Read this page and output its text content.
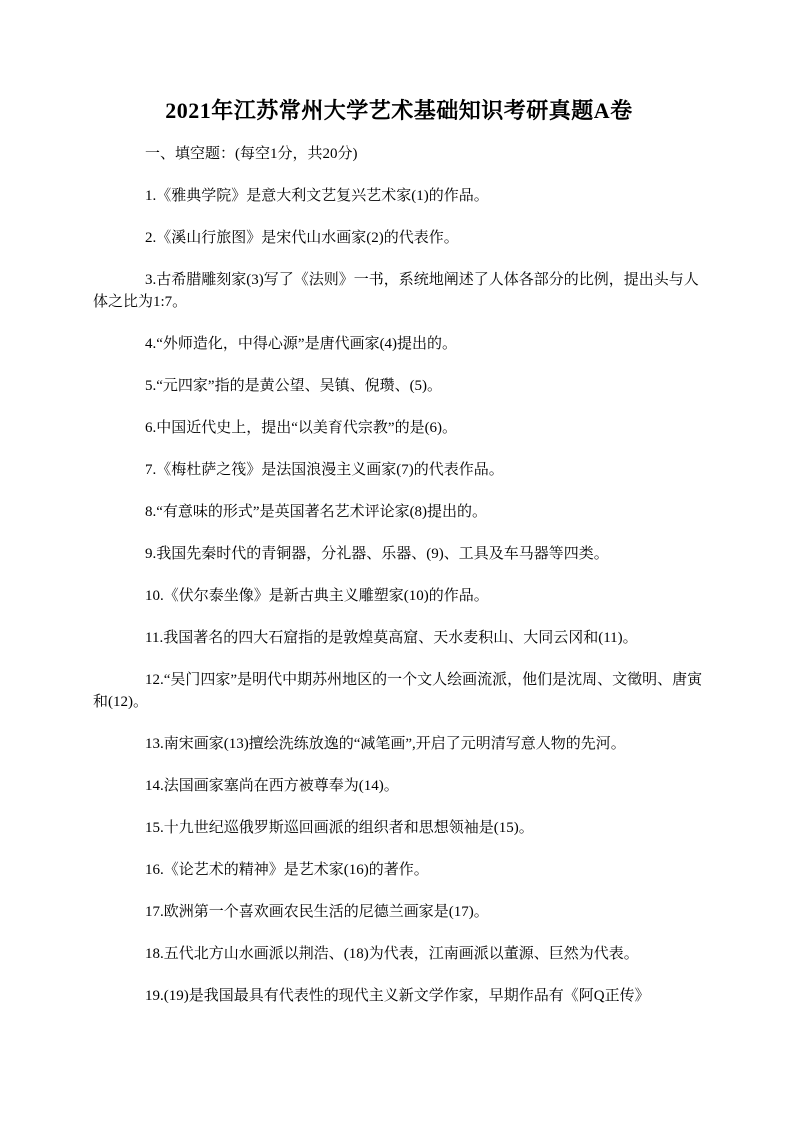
2021年江苏常州大学艺术基础知识考研真题A卷

一、填空题：(每空1分，共20分)

1.《雅典学院》是意大利文艺复兴艺术家(1)的作品。

2.《溪山行旅图》是宋代山水画家(2)的代表作。

3.古希腊雕刻家(3)写了《法则》一书，系统地阐述了人体各部分的比例，提出头与人体之比为1:7。

4.“外师造化，中得心源”是唐代画家(4)提出的。

5.“元四家”指的是黄公望、吴镇、倪瓒、(5)。

6.中国近代史上，提出“以美育代宗教”的是(6)。

7.《梅杜萨之筏》是法国浪漫主义画家(7)的代表作品。

8.“有意味的形式”是英国著名艺术评论家(8)提出的。

9.我国先秦时代的青铜器，分礼器、乐器、(9)、工具及车马器等四类。

10.《伏尔泰坐像》是新古典主义雕塑家(10)的作品。

11.我国著名的四大石窟指的是敦煌莫高窟、天水麦积山、大同云冈和(11)。

12.“吴门四家”是明代中期苏州地区的一个文人绘画流派，他们是沈周、文徵明、唐寅和(12)。

13.南宋画家(13)擅绘洗练放逸的“减笔画”,开启了元明清写意人物的先河。

14.法国画家塞尚在西方被尊奉为(14)。

15.十九世纪巡俄罗斯巡回画派的组织者和思想领袖是(15)。

16.《论艺术的精神》是艺术家(16)的著作。

17.欧洲第一个喜欢画农民生活的尼德兰画家是(17)。

18.五代北方山水画派以荆浩、(18)为代表，江南画派以董源、巨然为代表。

19.(19)是我国最具有代表性的现代主义新文学作家，早期作品有《阿Q正传》
